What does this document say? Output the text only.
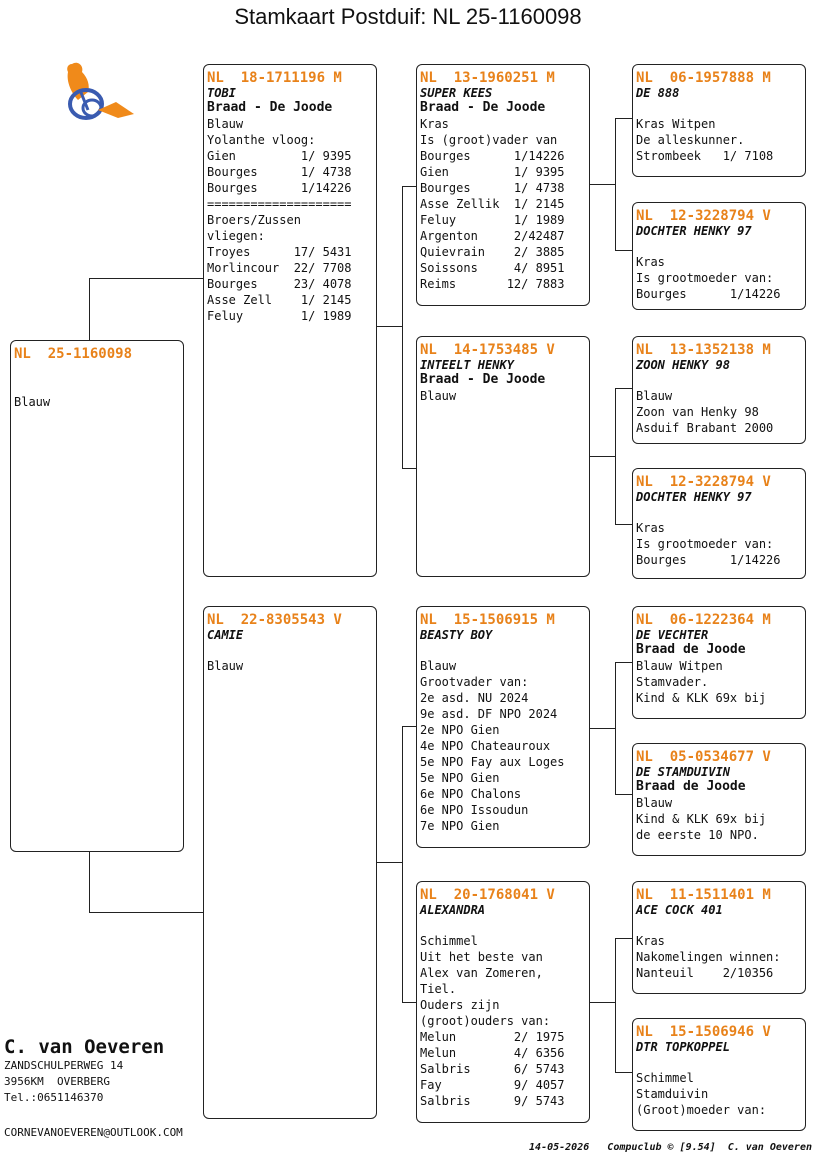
Stamkaart Postduif: NL 25-1160098
NL  25-1160098
Blauw
NL  18-1711196 M
TOBI
Braad - De Joode
Blauw
Yolanthe vloog:
Gien         1/ 9395
Bourges      1/ 4738
Bourges      1/14226
====================
Broers/Zussen
vliegen:
Troyes      17/ 5431
Morlincour  22/ 7708
Bourges     23/ 4078
Asse Zell    1/ 2145
Feluy        1/ 1989
NL  22-8305543 V
CAMIE
Blauw
NL  13-1960251 M
SUPER KEES
Braad - De Joode
Kras
Is (groot)vader van
Bourges      1/14226
Gien         1/ 9395
Bourges      1/ 4738
Asse Zellik  1/ 2145
Feluy        1/ 1989
Argenton     2/42487
Quievrain    2/ 3885
Soissons     4/ 8951
Reims       12/ 7883
NL  14-1753485 V
INTEELT HENKY
Braad - De Joode
Blauw
NL  15-1506915 M
BEASTY BOY
Blauw
Grootvader van:
2e asd. NU 2024
9e asd. DF NPO 2024
2e NPO Gien
4e NPO Chateauroux
5e NPO Fay aux Loges
5e NPO Gien
6e NPO Chalons
6e NPO Issoudun
7e NPO Gien
NL  20-1768041 V
ALEXANDRA
Schimmel
Uit het beste van
Alex van Zomeren,
Tiel.
Ouders zijn
(groot)ouders van:
Melun        2/ 1975
Melun        4/ 6356
Salbris      6/ 5743
Fay          9/ 4057
Salbris      9/ 5743
NL  06-1957888 M
DE 888
Kras Witpen
De alleskunner.
Strombeek   1/ 7108
NL  12-3228794 V
DOCHTER HENKY 97
Kras
Is grootmoeder van:
Bourges      1/14226
NL  13-1352138 M
ZOON HENKY 98
Blauw
Zoon van Henky 98
Asduif Brabant 2000
NL  12-3228794 V
DOCHTER HENKY 97
Kras
Is grootmoeder van:
Bourges      1/14226
NL  06-1222364 M
DE VECHTER
Braad de Joode
Blauw Witpen
Stamvader.
Kind & KLK 69x bij
NL  05-0534677 V
DE STAMDUIVIN
Braad de Joode
Blauw
Kind & KLK 69x bij
de eerste 10 NPO.
NL  11-1511401 M
ACE COCK 401
Kras
Nakomelingen winnen:
Nanteuil    2/10356
NL  15-1506946 V
DTR TOPKOPPEL
Schimmel
Stamduivin
(Groot)moeder van:
C. van Oeveren
ZANDSCHULPERWEG 14
3956KM  OVERBERG
Tel.:0651146370
CORNEVANOEVEREN@OUTLOOK.COM
14-05-2026   Compuclub © [9.54]  C. van Oeveren
